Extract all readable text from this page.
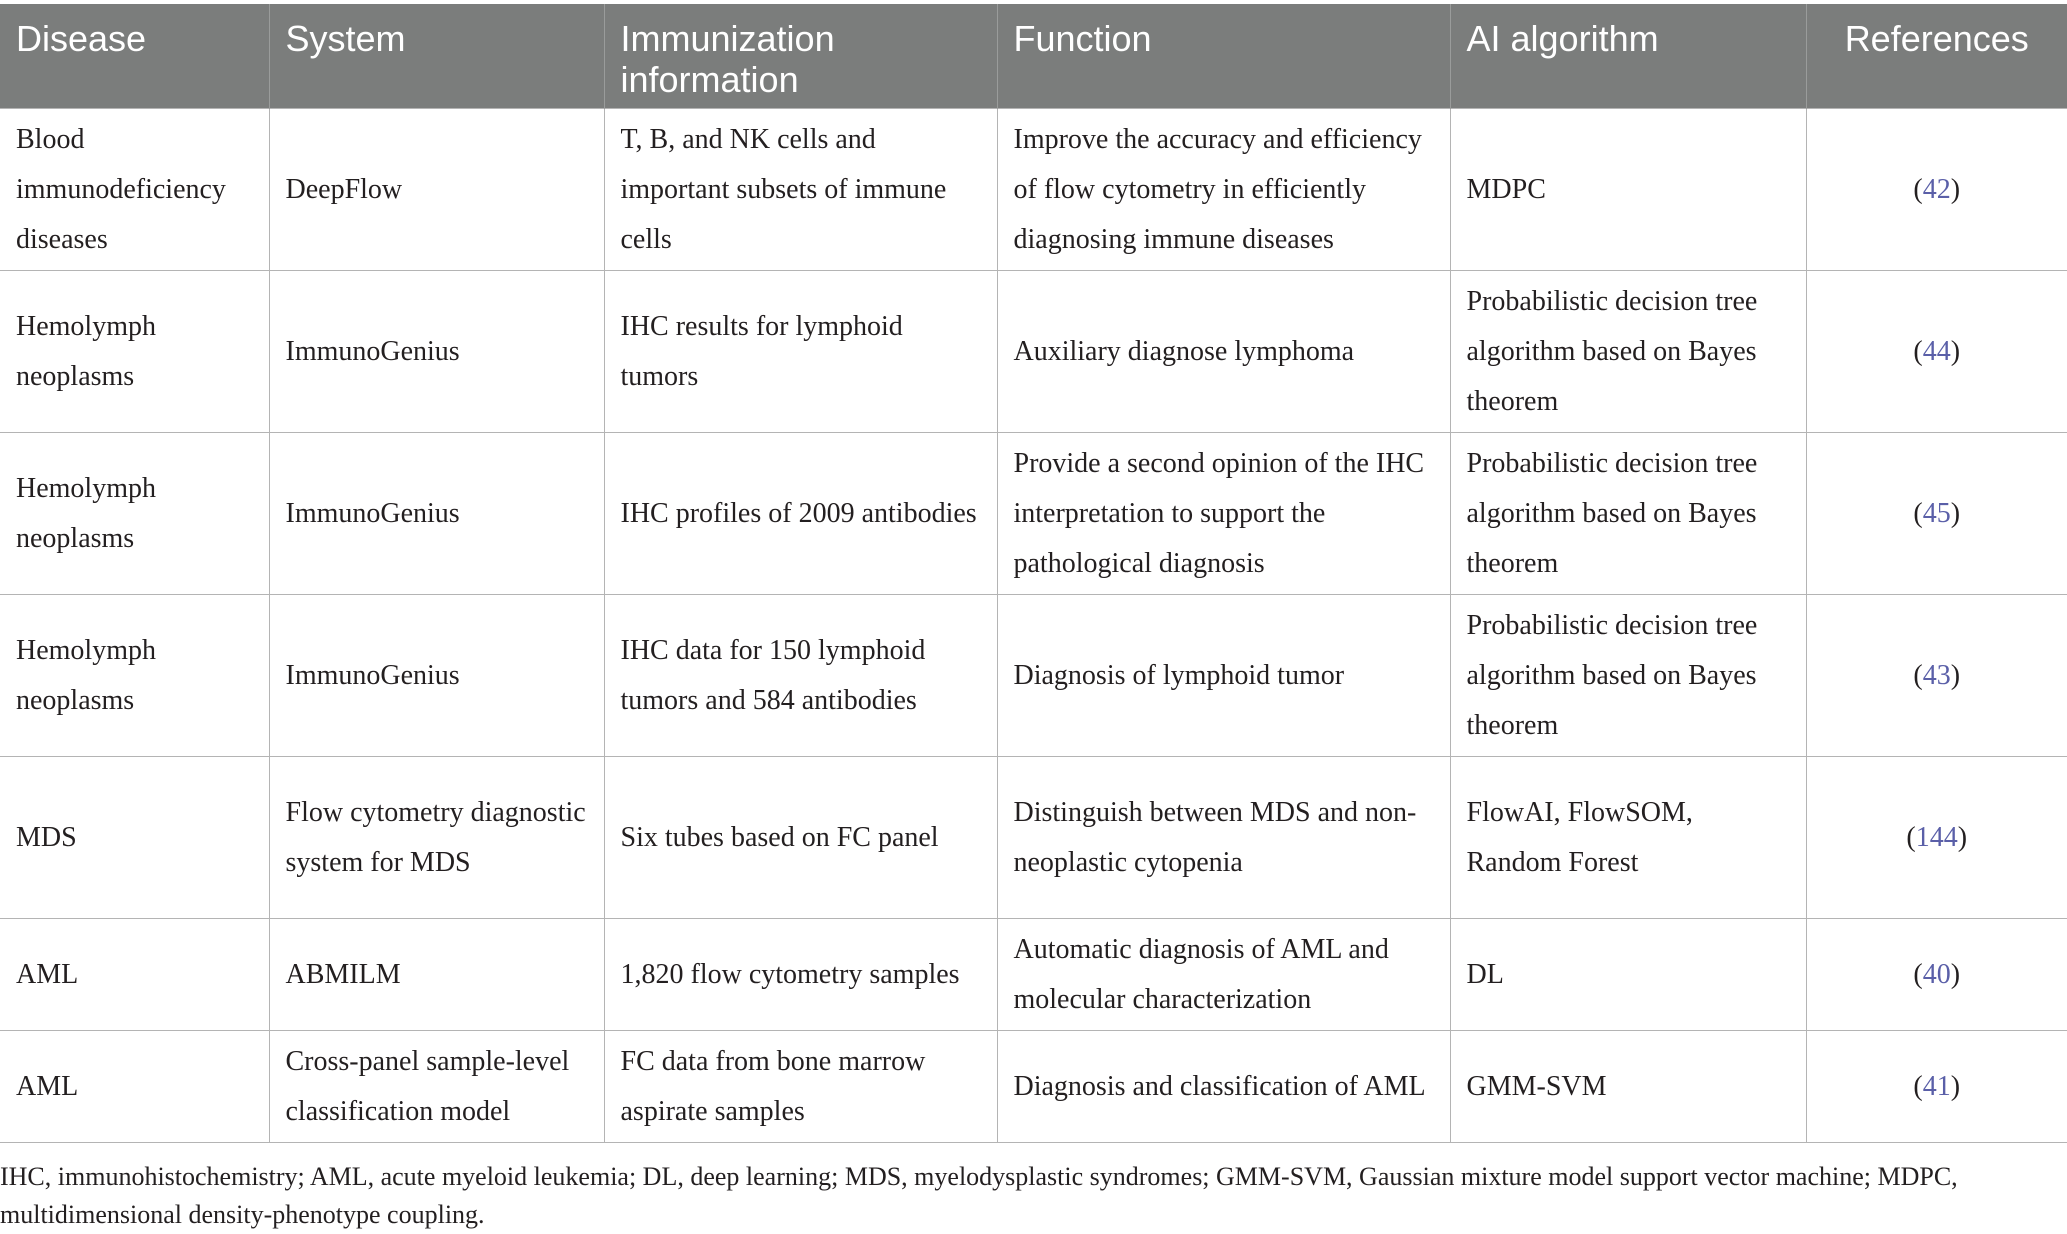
Disease	System	Immunization information	Function	AI algorithm	References
Blood immunodeficiency diseases	DeepFlow	T, B, and NK cells and important subsets of immune cells	Improve the accuracy and efficiency of flow cytometry in efficiently diagnosing immune diseases	MDPC	(42)
Hemolymph neoplasms	ImmunoGenius	IHC results for lymphoid tumors	Auxiliary diagnose lymphoma	Probabilistic decision tree algorithm based on Bayes theorem	(44)
Hemolymph neoplasms	ImmunoGenius	IHC profiles of 2009 antibodies	Provide a second opinion of the IHC interpretation to support the pathological diagnosis	Probabilistic decision tree algorithm based on Bayes theorem	(45)
Hemolymph neoplasms	ImmunoGenius	IHC data for 150 lymphoid tumors and 584 antibodies	Diagnosis of lymphoid tumor	Probabilistic decision tree algorithm based on Bayes theorem	(43)
MDS	Flow cytometry diagnostic system for MDS	Six tubes based on FC panel	Distinguish between MDS and non-neoplastic cytopenia	FlowAI, FlowSOM, Random Forest	(144)
AML	ABMILM	1,820 flow cytometry samples	Automatic diagnosis of AML and molecular characterization	DL	(40)
AML	Cross-panel sample-level classification model	FC data from bone marrow aspirate samples	Diagnosis and classification of AML	GMM-SVM	(41)

IHC, immunohistochemistry; AML, acute myeloid leukemia; DL, deep learning; MDS, myelodysplastic syndromes; GMM-SVM, Gaussian mixture model support vector machine; MDPC, multidimensional density-phenotype coupling.
